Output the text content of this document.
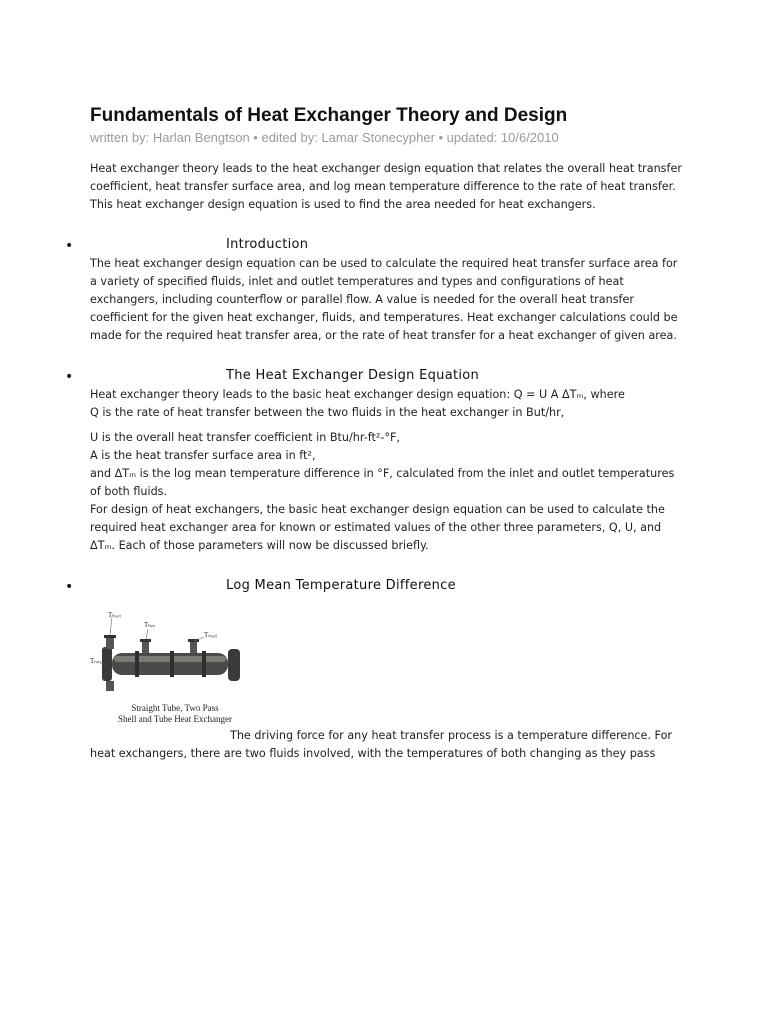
Fundamentals of Heat Exchanger Theory and Design
written by: Harlan Bengtson • edited by: Lamar Stonecypher • updated: 10/6/2010

Heat exchanger theory leads to the heat exchanger design equation that relates the overall heat transfer coefficient, heat transfer surface area, and log mean temperature difference to the rate of heat transfer. This heat exchanger design equation is used to find the area needed for heat exchangers.

•	Introduction

The heat exchanger design equation can be used to calculate the required heat transfer surface area for a variety of specified fluids, inlet and outlet temperatures and types and configurations of heat exchangers, including counterflow or parallel flow. A value is needed for the overall heat transfer coefficient for the given heat exchanger, fluids, and temperatures. Heat exchanger calculations could be made for the required heat transfer area, or the rate of heat transfer for a heat exchanger of given area.

•	The Heat Exchanger Design Equation

Heat exchanger theory leads to the basic heat exchanger design equation: Q = U A ΔTₘ, where

Q is the rate of heat transfer between the two fluids in the heat exchanger in But/hr,

U is the overall heat transfer coefficient in Btu/hr-ft²-°F,

A is the heat transfer surface area in ft²,

and ΔTₘ is the log mean temperature difference in °F, calculated from the inlet and outlet temperatures of both fluids.

For design of heat exchangers, the basic heat exchanger design equation can be used to calculate the required heat exchanger area for known or estimated values of the other three parameters, Q, U, and ΔTₘ. Each of those parameters will now be discussed briefly.

•	Log Mean Temperature Difference
Tₕₒᵤₜ
Tₕᵢₙ
Tₙₒᵤₜ
Tₙᵢₙ
Straight Tube, Two Pass
Shell and Tube Heat Exchanger

The driving force for any heat transfer process is a temperature difference. For heat exchangers, there are two fluids involved, with the temperatures of both changing as they pass
